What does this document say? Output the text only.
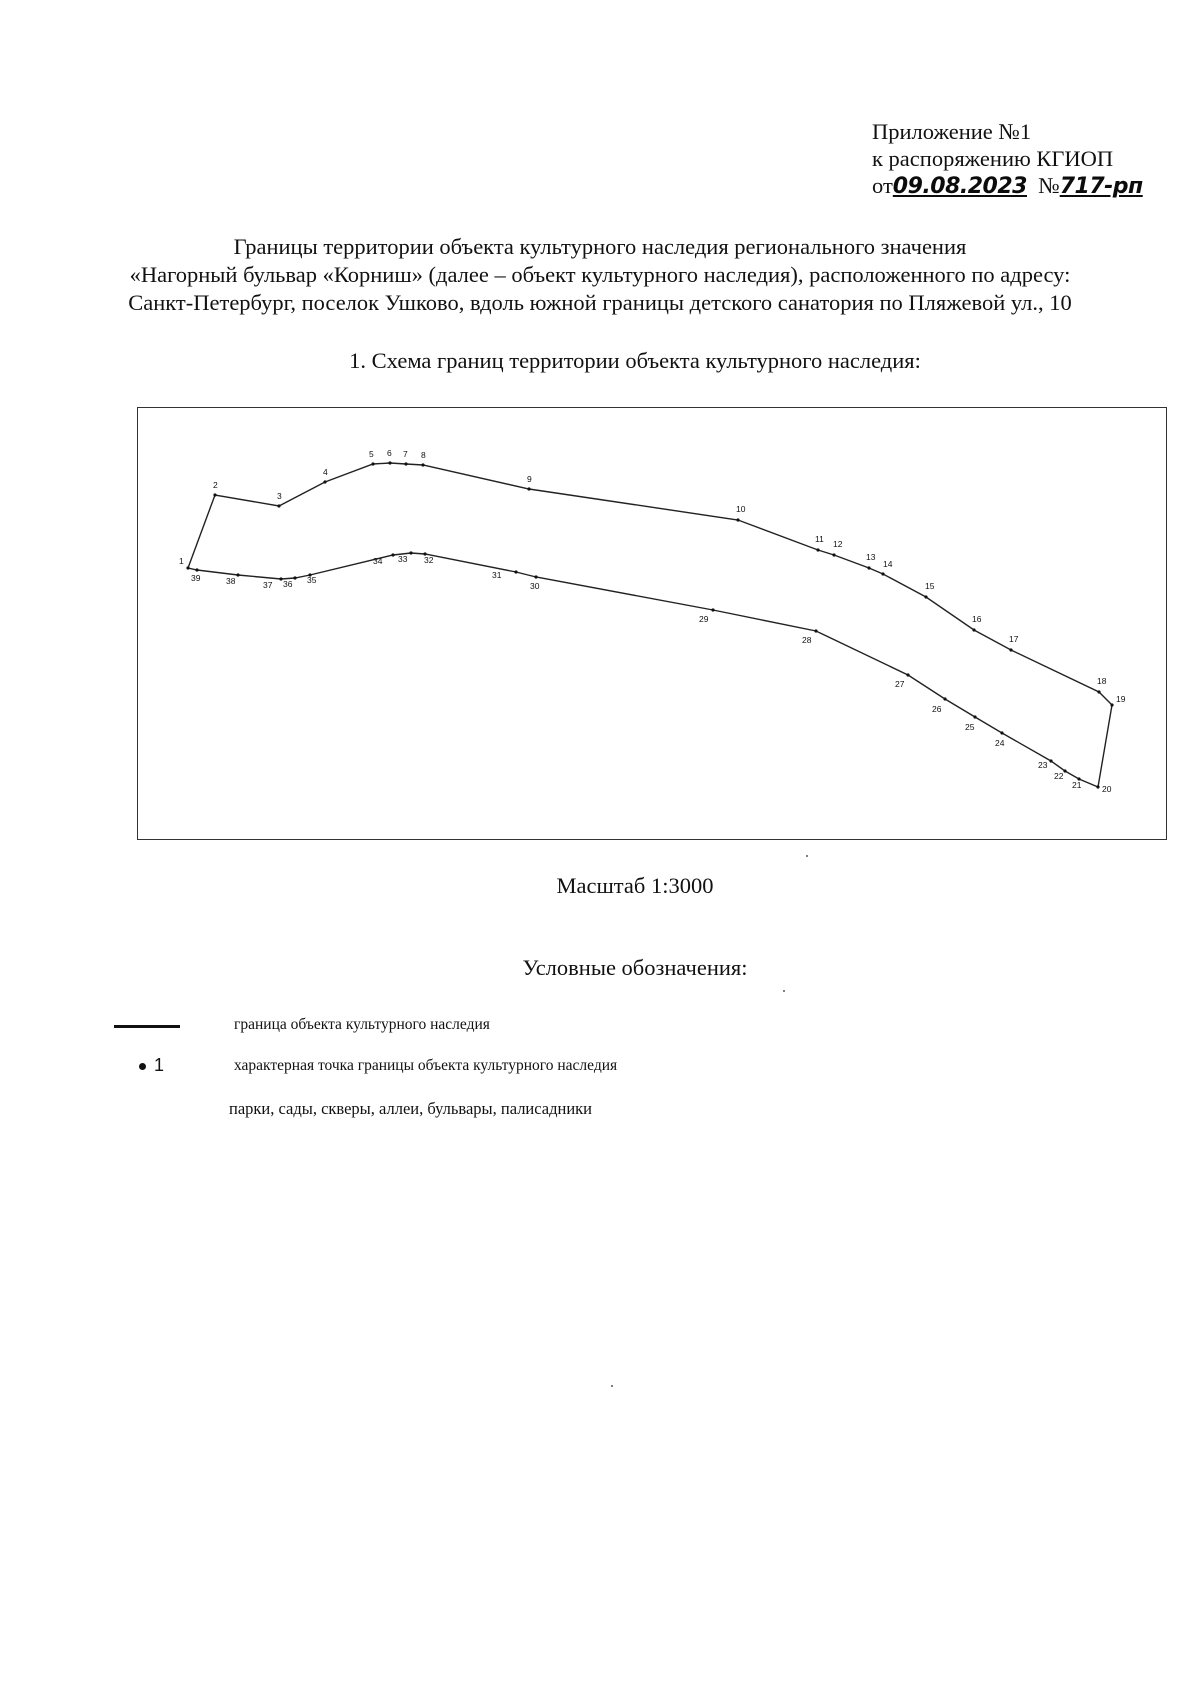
Приложение №1
к распоряжению КГИОП
от09.08.2023 №717-рп
Границы территории объекта культурного наследия регионального значения
«Нагорный бульвар «Корниш» (далее – объект культурного наследия), расположенного по адресу:
Санкт-Петербург, поселок Ушково, вдоль южной границы детского санатория по Пляжевой ул., 10
1. Схема границ территории объекта культурного наследия:
1
2
3
4
5 6 7 8
9
10
11 12
13
14
15
16
17
18
19
20
21
22
23
24
25
26
27
28
29
30
31
32
33
34
35
36
37
38
39
Масштаб 1:3000
Условные обозначения:
граница объекта культурного наследия
1	характерная точка границы объекта культурного наследия
парки, сады, скверы, аллеи, бульвары, палисадники
